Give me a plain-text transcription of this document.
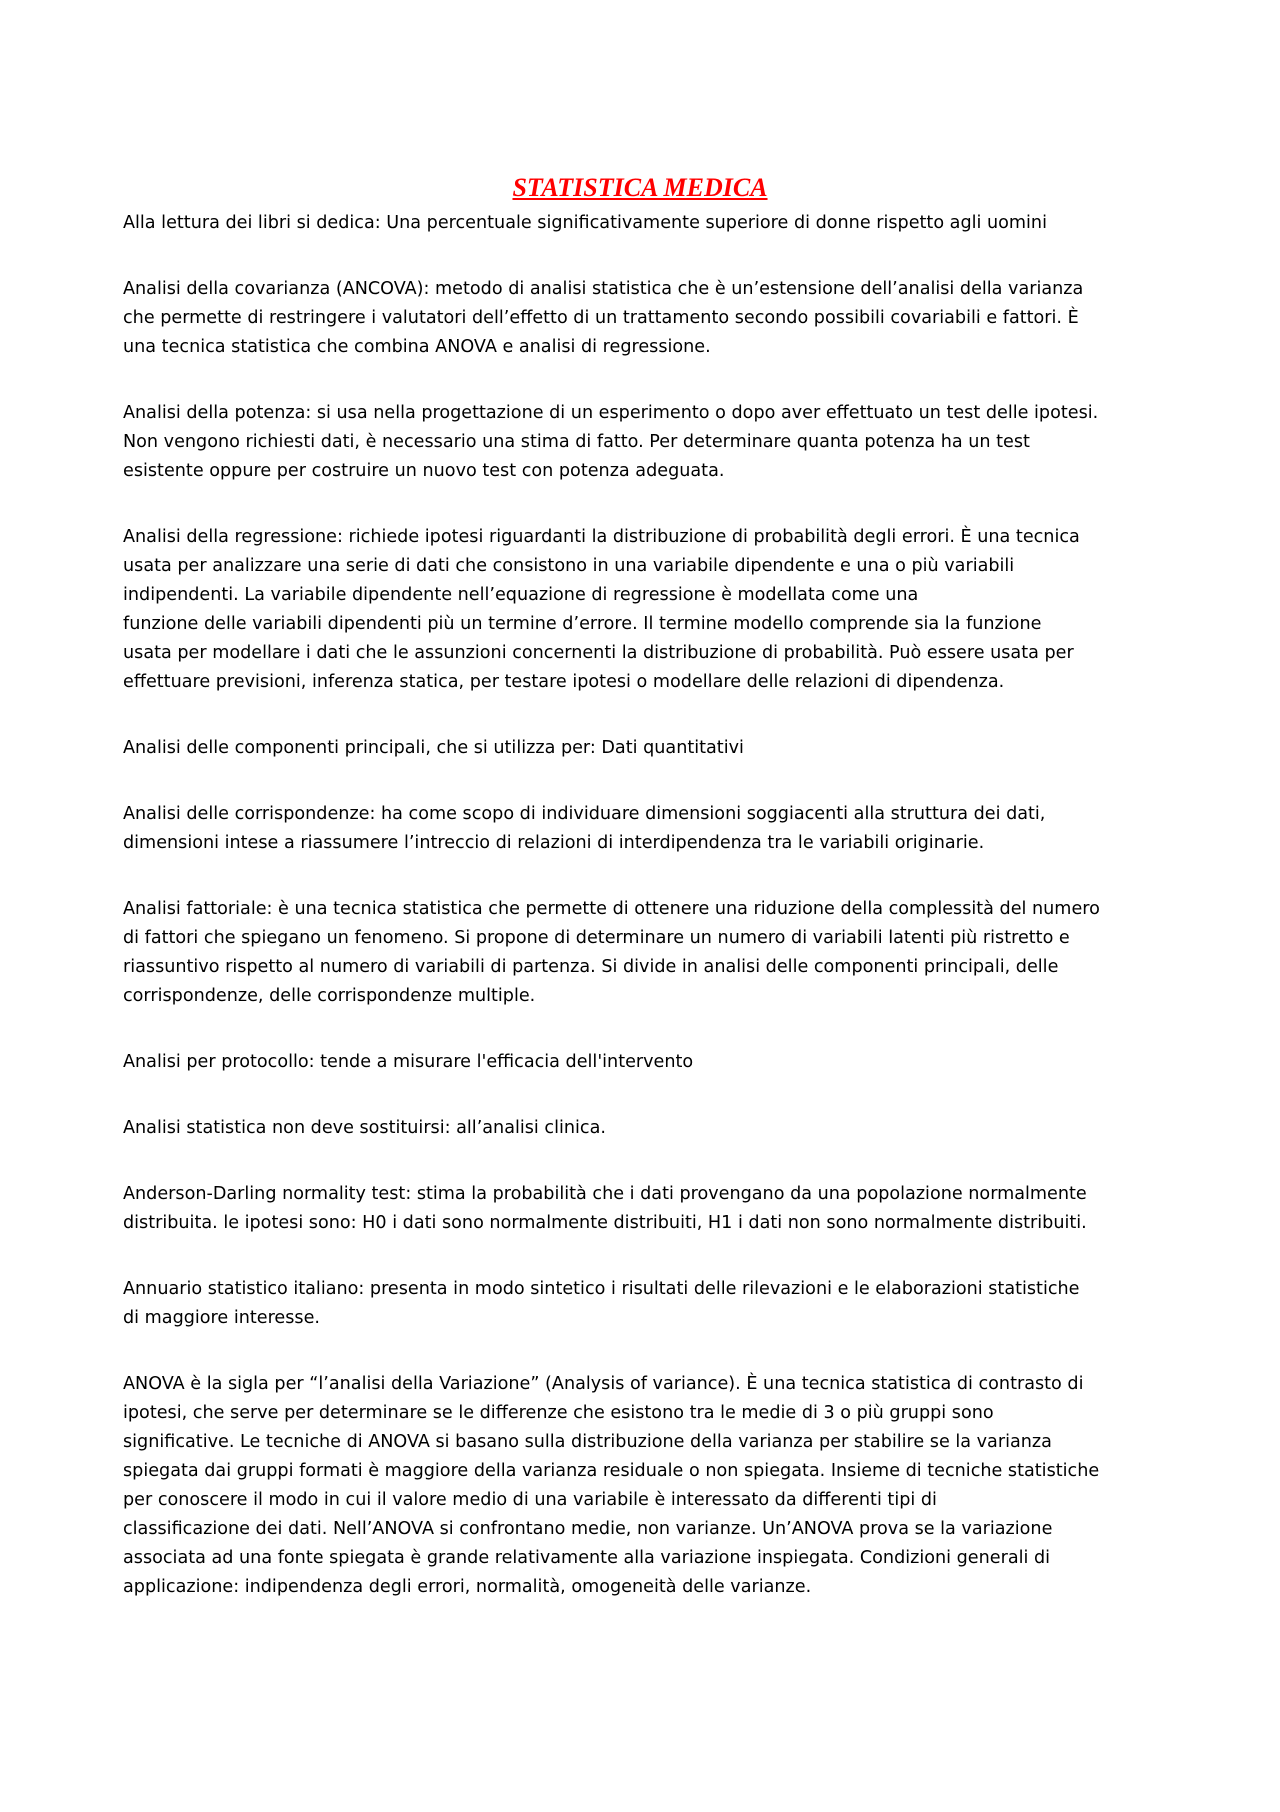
STATISTICA MEDICA

Alla lettura dei libri si dedica: Una percentuale significativamente superiore di donne rispetto agli uomini

Analisi della covarianza (ANCOVA): metodo di analisi statistica che è un’estensione dell’analisi della varianza
che permette di restringere i valutatori dell’effetto di un trattamento secondo possibili covariabili e fattori. È
una tecnica statistica che combina ANOVA e analisi di regressione.

Analisi della potenza: si usa nella progettazione di un esperimento o dopo aver effettuato un test delle ipotesi.
Non vengono richiesti dati, è necessario una stima di fatto. Per determinare quanta potenza ha un test
esistente oppure per costruire un nuovo test con potenza adeguata.

Analisi della regressione: richiede ipotesi riguardanti la distribuzione di probabilità degli errori. È una tecnica
usata per analizzare una serie di dati che consistono in una variabile dipendente e una o più variabili
indipendenti. La variabile dipendente nell’equazione di regressione è modellata come una
funzione delle variabili dipendenti più un termine d’errore. Il termine modello comprende sia la funzione
usata per modellare i dati che le assunzioni concernenti la distribuzione di probabilità. Può essere usata per
effettuare previsioni, inferenza statica, per testare ipotesi o modellare delle relazioni di dipendenza.

Analisi delle componenti principali, che si utilizza per: Dati quantitativi

Analisi delle corrispondenze: ha come scopo di individuare dimensioni soggiacenti alla struttura dei dati,
dimensioni intese a riassumere l’intreccio di relazioni di interdipendenza tra le variabili originarie.

Analisi fattoriale: è una tecnica statistica che permette di ottenere una riduzione della complessità del numero
di fattori che spiegano un fenomeno. Si propone di determinare un numero di variabili latenti più ristretto e
riassuntivo rispetto al numero di variabili di partenza. Si divide in analisi delle componenti principali, delle
corrispondenze, delle corrispondenze multiple.

Analisi per protocollo: tende a misurare l'efficacia dell'intervento

Analisi statistica non deve sostituirsi: all’analisi clinica.

Anderson-Darling normality test: stima la probabilità che i dati provengano da una popolazione normalmente
distribuita. le ipotesi sono: H0 i dati sono normalmente distribuiti, H1 i dati non sono normalmente distribuiti.

Annuario statistico italiano: presenta in modo sintetico i risultati delle rilevazioni e le elaborazioni statistiche
di maggiore interesse.

ANOVA è la sigla per “l’analisi della Variazione” (Analysis of variance). È una tecnica statistica di contrasto di
ipotesi, che serve per determinare se le differenze che esistono tra le medie di 3 o più gruppi sono
significative. Le tecniche di ANOVA si basano sulla distribuzione della varianza per stabilire se la varianza
spiegata dai gruppi formati è maggiore della varianza residuale o non spiegata. Insieme di tecniche statistiche
per conoscere il modo in cui il valore medio di una variabile è interessato da differenti tipi di
classificazione dei dati. Nell’ANOVA si confrontano medie, non varianze. Un’ANOVA prova se la variazione
associata ad una fonte spiegata è grande relativamente alla variazione inspiegata. Condizioni generali di
applicazione: indipendenza degli errori, normalità, omogeneità delle varianze.
